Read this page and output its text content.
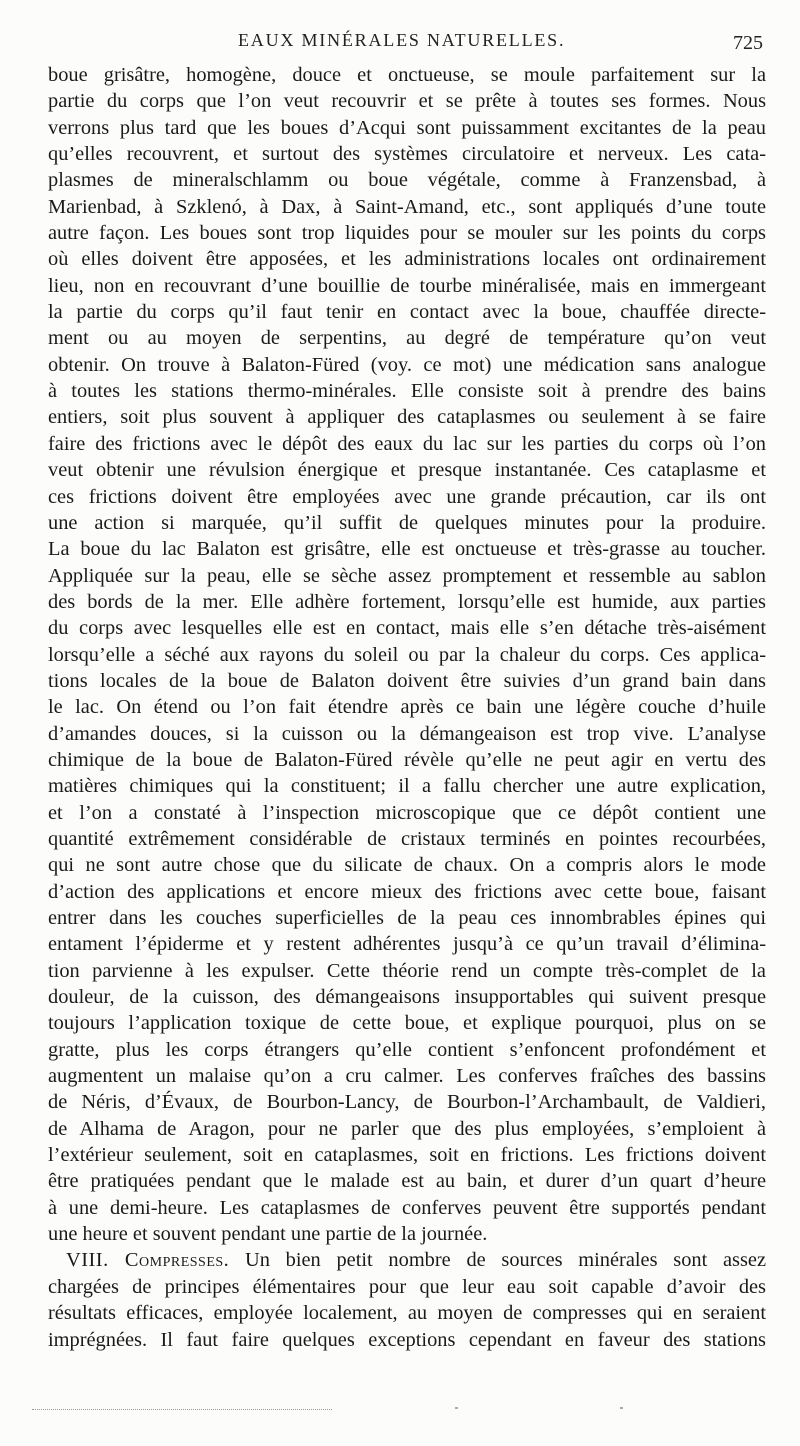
EAUX MINÉRALES NATURELLES.	725
boue grisâtre, homogène, douce et onctueuse, se moule parfaitement sur la
partie du corps que l’on veut recouvrir et se prête à toutes ses formes. Nous
verrons plus tard que les boues d’Acqui sont puissamment excitantes de la peau
qu’elles recouvrent, et surtout des systèmes circulatoire et nerveux. Les cata-
plasmes de mineralschlamm ou boue végétale, comme à Franzensbad, à
Marienbad, à Szklenó, à Dax, à Saint-Amand, etc., sont appliqués d’une toute
autre façon. Les boues sont trop liquides pour se mouler sur les points du corps
où elles doivent être apposées, et les administrations locales ont ordinairement
lieu, non en recouvrant d’une bouillie de tourbe minéralisée, mais en immergeant
la partie du corps qu’il faut tenir en contact avec la boue, chauffée directe-
ment ou au moyen de serpentins, au degré de température qu’on veut
obtenir. On trouve à Balaton-Füred (voy. ce mot) une médication sans analogue
à toutes les stations thermo-minérales. Elle consiste soit à prendre des bains
entiers, soit plus souvent à appliquer des cataplasmes ou seulement à se faire
faire des frictions avec le dépôt des eaux du lac sur les parties du corps où l’on
veut obtenir une révulsion énergique et presque instantanée. Ces cataplasme et
ces frictions doivent être employées avec une grande précaution, car ils ont
une action si marquée, qu’il suffit de quelques minutes pour la produire.
La boue du lac Balaton est grisâtre, elle est onctueuse et très-grasse au toucher.
Appliquée sur la peau, elle se sèche assez promptement et ressemble au sablon
des bords de la mer. Elle adhère fortement, lorsqu’elle est humide, aux parties
du corps avec lesquelles elle est en contact, mais elle s’en détache très-aisément
lorsqu’elle a séché aux rayons du soleil ou par la chaleur du corps. Ces applica-
tions locales de la boue de Balaton doivent être suivies d’un grand bain dans
le lac. On étend ou l’on fait étendre après ce bain une légère couche d’huile
d’amandes douces, si la cuisson ou la démangeaison est trop vive. L’analyse
chimique de la boue de Balaton-Füred révèle qu’elle ne peut agir en vertu des
matières chimiques qui la constituent; il a fallu chercher une autre explication,
et l’on a constaté à l’inspection microscopique que ce dépôt contient une
quantité extrêmement considérable de cristaux terminés en pointes recourbées,
qui ne sont autre chose que du silicate de chaux. On a compris alors le mode
d’action des applications et encore mieux des frictions avec cette boue, faisant
entrer dans les couches superficielles de la peau ces innombrables épines qui
entament l’épiderme et y restent adhérentes jusqu’à ce qu’un travail d’élimina-
tion parvienne à les expulser. Cette théorie rend un compte très-complet de la
douleur, de la cuisson, des démangeaisons insupportables qui suivent presque
toujours l’application toxique de cette boue, et explique pourquoi, plus on se
gratte, plus les corps étrangers qu’elle contient s’enfoncent profondément et
augmentent un malaise qu’on a cru calmer. Les conferves fraîches des bassins
de Néris, d’Évaux, de Bourbon-Lancy, de Bourbon-l’Archambault, de Valdieri,
de Alhama de Aragon, pour ne parler que des plus employées, s’emploient à
l’extérieur seulement, soit en cataplasmes, soit en frictions. Les frictions doivent
être pratiquées pendant que le malade est au bain, et durer d’un quart d’heure
à une demi-heure. Les cataplasmes de conferves peuvent être supportés pendant
une heure et souvent pendant une partie de la journée.
VIII. Compresses. Un bien petit nombre de sources minérales sont assez
chargées de principes élémentaires pour que leur eau soit capable d’avoir des
résultats efficaces, employée localement, au moyen de compresses qui en seraient
imprégnées. Il faut faire quelques exceptions cependant en faveur des stations
